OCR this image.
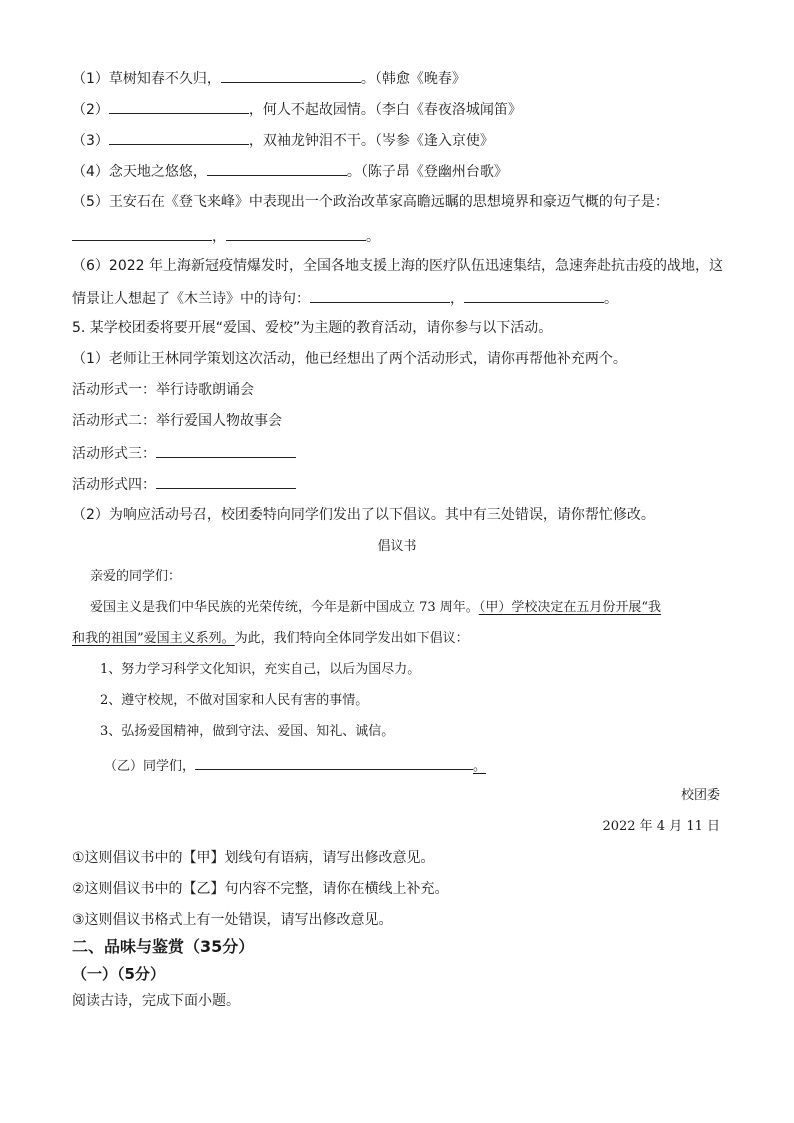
（1）草树知春不久归，	。（韩愈《晚春》
（2）	，何人不起故园情。（李白《春夜洛城闻笛》
（3）	，双袖龙钟泪不干。（岑参《逢入京使》
（4）念天地之悠悠，	。（陈子昂《登幽州台歌》
（5）王安石在《登飞来峰》中表现出一个政治改革家高瞻远瞩的思想境界和豪迈气概的句子是：
，	。
（6）2022 年上海新冠疫情爆发时，全国各地支援上海的医疗队伍迅速集结，急速奔赴抗击疫的战地，这
情景让人想起了《木兰诗》中的诗句：	，	。
5. 某学校团委将要开展“爱国、爱校”为主题的教育活动，请你参与以下活动。
（1）老师让王林同学策划这次活动，他已经想出了两个活动形式，请你再帮他补充两个。
活动形式一：举行诗歌朗诵会
活动形式二：举行爱国人物故事会
活动形式三：
活动形式四：
（2）为响应活动号召，校团委特向同学们发出了以下倡议。其中有三处错误，请你帮忙修改。
倡议书
亲爱的同学们：
爱国主义是我们中华民族的光荣传统，今年是新中国成立 73 周年。（甲）学校决定在五月份开展“我
和我的祖国”爱国主义系列。为此，我们特向全体同学发出如下倡议：
1、努力学习科学文化知识，充实自己，以后为国尽力。
2、遵守校规，不做对国家和人民有害的事情。
3、弘扬爱国精神，做到守法、爱国、知礼、诚信。
（乙）同学们，	。
校团委
2022 年 4 月 11 日
①这则倡议书中的【甲】划线句有语病，请写出修改意见。
②这则倡议书中的【乙】句内容不完整，请你在横线上补充。
③这则倡议书格式上有一处错误，请写出修改意见。
二、品味与鉴赏（35分）
（一）（5分）
阅读古诗，完成下面小题。
